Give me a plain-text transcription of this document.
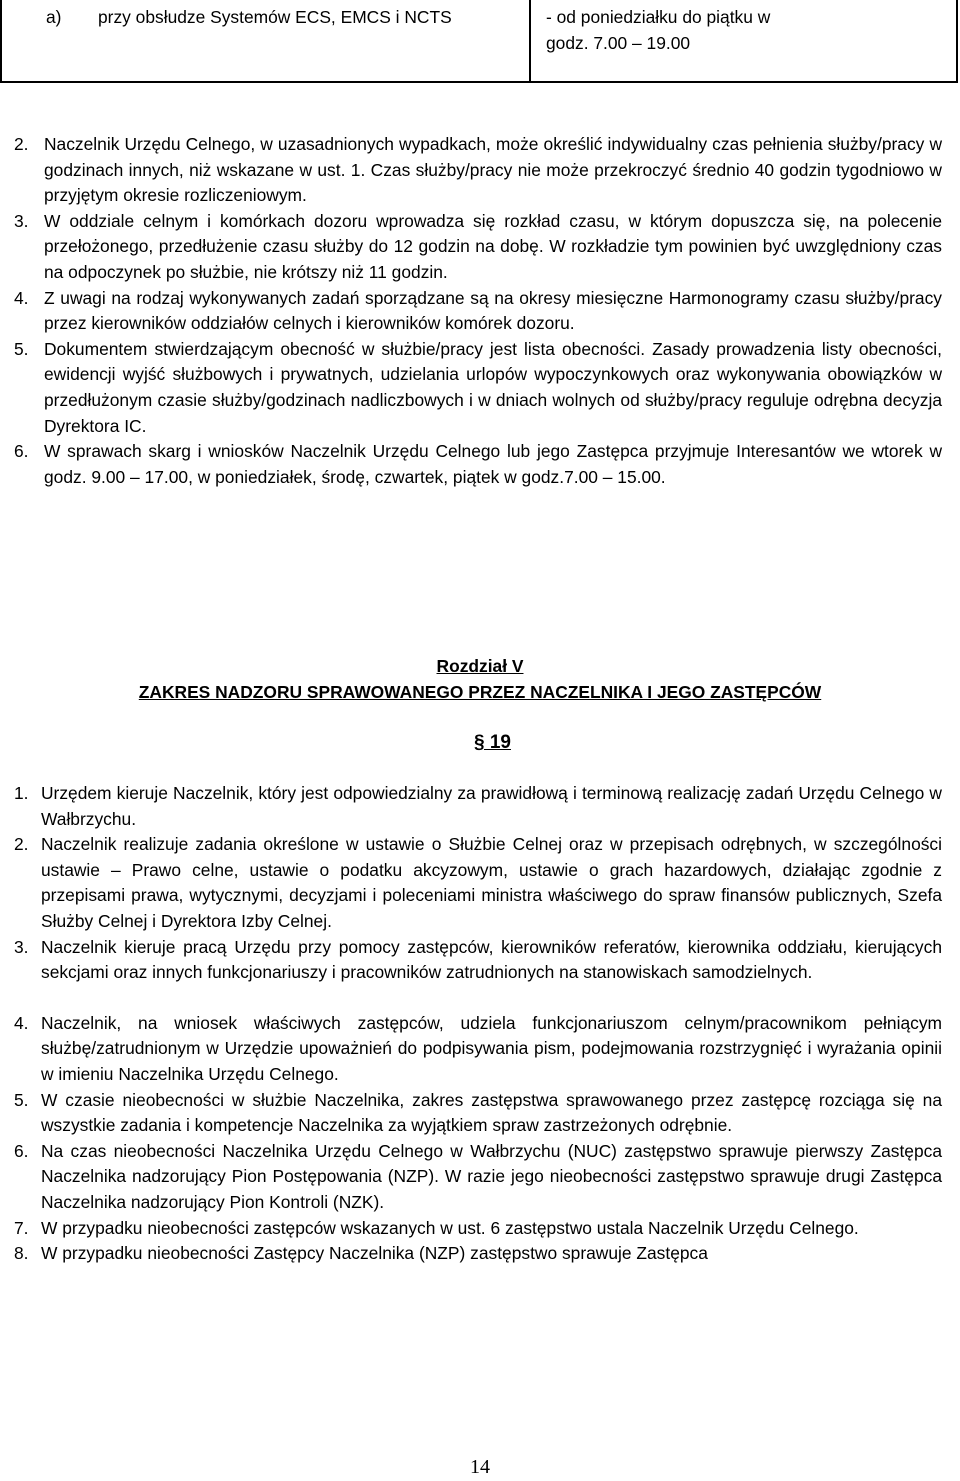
a) przy obsłudze Systemów ECS, EMCS i NCTS	- od poniedziałku do piątku w godz. 7.00 – 19.00
2. Naczelnik Urzędu Celnego, w uzasadnionych wypadkach, może określić indywidualny czas pełnienia służby/pracy w godzinach innych, niż wskazane w ust. 1. Czas służby/pracy nie może przekroczyć średnio 40 godzin tygodniowo w przyjętym okresie rozliczeniowym.
3. W oddziale celnym i komórkach dozoru wprowadza się rozkład czasu, w którym dopuszcza się, na polecenie przełożonego, przedłużenie czasu służby do 12 godzin na dobę. W rozkładzie tym powinien być uwzględniony czas na odpoczynek po służbie, nie krótszy niż 11 godzin.
4. Z uwagi na rodzaj wykonywanych zadań sporządzane są na okresy miesięczne Harmonogramy czasu służby/pracy przez kierowników oddziałów celnych i kierowników komórek dozoru.
5. Dokumentem stwierdzającym obecność w służbie/pracy jest lista obecności. Zasady prowadzenia listy obecności, ewidencji wyjść służbowych i prywatnych, udzielania urlopów wypoczynkowych oraz wykonywania obowiązków w przedłużonym czasie służby/godzinach nadliczbowych i w dniach wolnych od służby/pracy reguluje odrębna decyzja Dyrektora IC.
6. W sprawach skarg i wniosków Naczelnik Urzędu Celnego lub jego Zastępca przyjmuje Interesantów we wtorek w godz. 9.00 – 17.00, w poniedziałek, środę, czwartek, piątek w godz.7.00 – 15.00.
Rozdział V
ZAKRES NADZORU SPRAWOWANEGO PRZEZ NACZELNIKA I JEGO ZASTĘPCÓW
§ 19
1. Urzędem kieruje Naczelnik, który jest odpowiedzialny za prawidłową i terminową realizację zadań Urzędu Celnego w Wałbrzychu.
2. Naczelnik realizuje zadania określone w ustawie o Służbie Celnej oraz w przepisach odrębnych, w szczególności ustawie – Prawo celne, ustawie o podatku akcyzowym, ustawie o grach hazardowych, działając zgodnie z przepisami prawa, wytycznymi, decyzjami i poleceniami ministra właściwego do spraw finansów publicznych, Szefa Służby Celnej i Dyrektora Izby Celnej.
3. Naczelnik kieruje pracą Urzędu przy pomocy zastępców, kierowników referatów, kierownika oddziału, kierujących sekcjami oraz innych funkcjonariuszy i pracowników zatrudnionych na stanowiskach samodzielnych.
4. Naczelnik, na wniosek właściwych zastępców, udziela funkcjonariuszom celnym/pracownikom pełniącym służbę/zatrudnionym w Urzędzie upoważnień do podpisywania pism, podejmowania rozstrzygnięć i wyrażania opinii w imieniu Naczelnika Urzędu Celnego.
5. W czasie nieobecności w służbie Naczelnika, zakres zastępstwa sprawowanego przez zastępcę rozciąga się na wszystkie zadania i kompetencje Naczelnika za wyjątkiem spraw zastrzeżonych odrębnie.
6. Na czas nieobecności Naczelnika Urzędu Celnego w Wałbrzychu (NUC) zastępstwo sprawuje pierwszy Zastępca Naczelnika nadzorujący Pion Postępowania (NZP). W razie jego nieobecności zastępstwo sprawuje drugi Zastępca Naczelnika nadzorujący Pion Kontroli (NZK).
7. W przypadku nieobecności zastępców wskazanych w ust. 6 zastępstwo ustala Naczelnik Urzędu Celnego.
8. W przypadku nieobecności Zastępcy Naczelnika (NZP) zastępstwo sprawuje Zastępca
14
